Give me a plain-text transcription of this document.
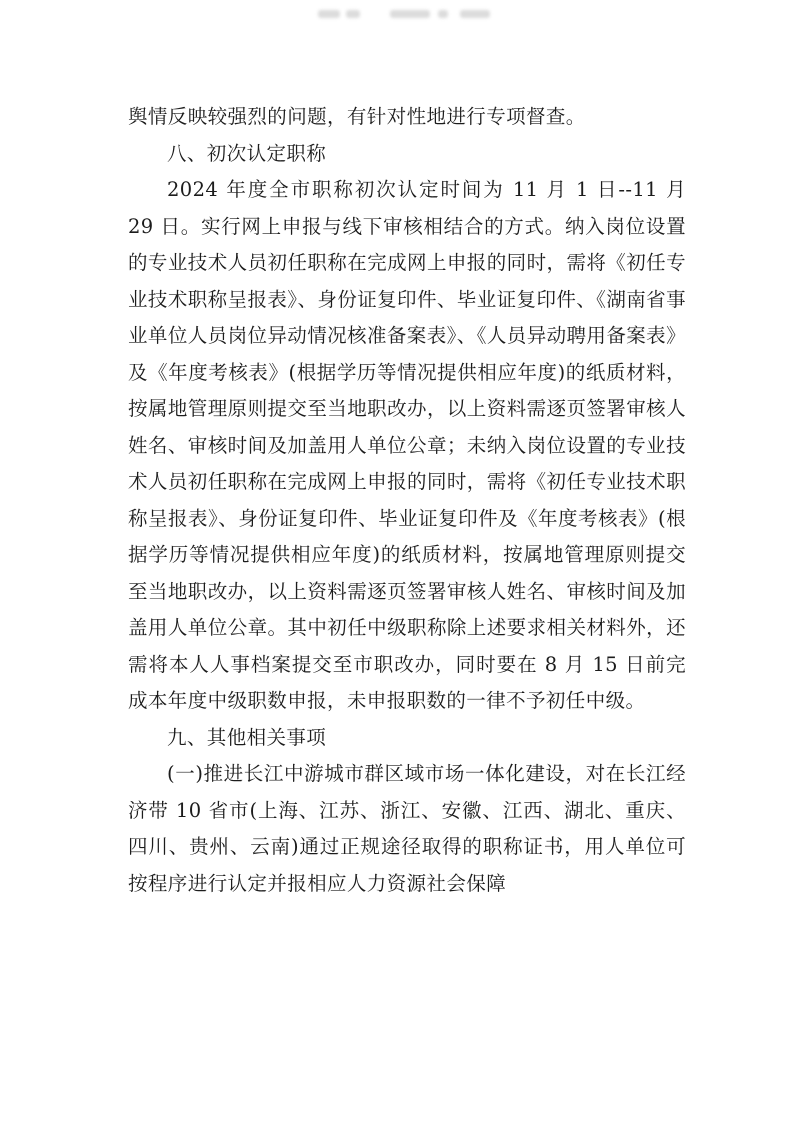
舆情反映较强烈的问题，有针对性地进行专项督查。

八、初次认定职称

2024 年度全市职称初次认定时间为 11 月 1 日--11 月 29 日。实行网上申报与线下审核相结合的方式。纳入岗位设置的专业技术人员初任职称在完成网上申报的同时，需将《初任专业技术职称呈报表》、身份证复印件、毕业证复印件、《湖南省事业单位人员岗位异动情况核准备案表》、《人员异动聘用备案表》及《年度考核表》(根据学历等情况提供相应年度)的纸质材料，按属地管理原则提交至当地职改办，以上资料需逐页签署审核人姓名、审核时间及加盖用人单位公章；未纳入岗位设置的专业技术人员初任职称在完成网上申报的同时，需将《初任专业技术职称呈报表》、身份证复印件、毕业证复印件及《年度考核表》(根据学历等情况提供相应年度)的纸质材料，按属地管理原则提交至当地职改办，以上资料需逐页签署审核人姓名、审核时间及加盖用人单位公章。其中初任中级职称除上述要求相关材料外，还需将本人人事档案提交至市职改办，同时要在 8 月 15 日前完成本年度中级职数申报，未申报职数的一律不予初任中级。

九、其他相关事项

(一)推进长江中游城市群区域市场一体化建设，对在长江经济带 10 省市(上海、江苏、浙江、安徽、江西、湖北、重庆、四川、贵州、云南)通过正规途径取得的职称证书，用人单位可按程序进行认定并报相应人力资源社会保障
